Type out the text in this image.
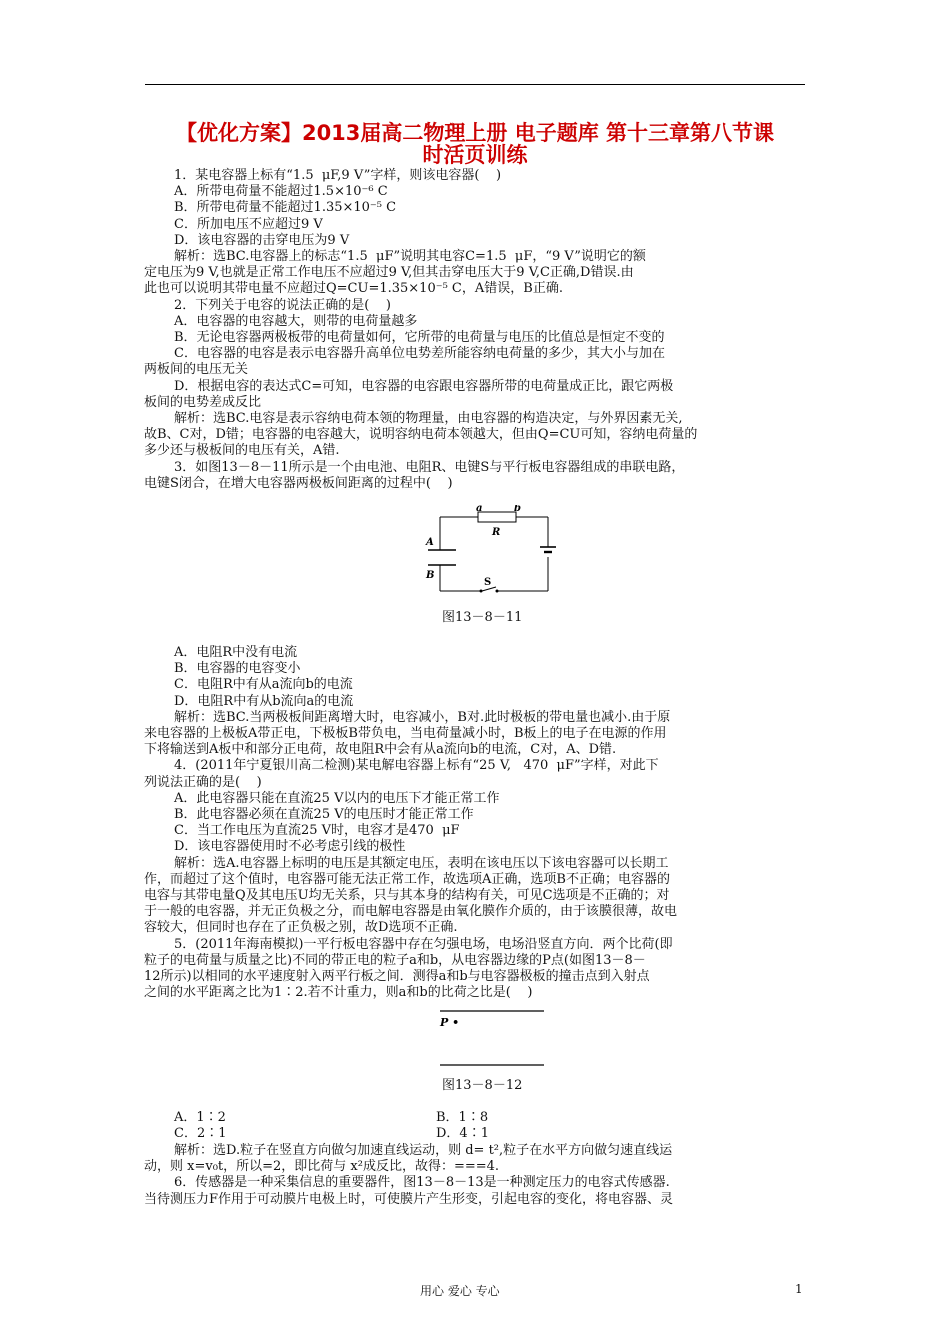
【优化方案】2013届高二物理上册 电子题库 第十三章第八节课
时活页训练

1．某电容器上标有“1.5  μF,9 V”字样，则该电容器(    )

A．所带电荷量不能超过1.5×10⁻⁶ C

B．所带电荷量不能超过1.35×10⁻⁵ C

C．所加电压不应超过9 V

D．该电容器的击穿电压为9 V

解析：选BC.电容器上的标志“1.5  μF”说明其电容C=1.5  μF，“9 V”说明它的额

定电压为9 V,也就是正常工作电压不应超过9 V,但其击穿电压大于9 V,C正确,D错误.由

此也可以说明其带电量不应超过Q=CU=1.35×10⁻⁵ C，A错误，B正确.

2．下列关于电容的说法正确的是(    )

A．电容器的电容越大，则带的电荷量越多

B．无论电容器两极板带的电荷量如何，它所带的电荷量与电压的比值总是恒定不变的

C．电容器的电容是表示电容器升高单位电势差所能容纳电荷量的多少，其大小与加在

两板间的电压无关

D．根据电容的表达式C=可知，电容器的电容跟电容器所带的电荷量成正比，跟它两极

板间的电势差成反比

解析：选BC.电容是表示容纳电荷本领的物理量，由电容器的构造决定，与外界因素无关,

故B、C对，D错；电容器的电容越大，说明容纳电荷本领越大，但由Q=CU可知，容纳电荷量的

多少还与极板间的电压有关，A错.

3．如图13－8－11所示是一个由电池、电阻R、电键S与平行板电容器组成的串联电路，

电键S闭合，在增大电容器两极板间距离的过程中(    )

a	b
R
A
B
S
图13－8－11

A．电阻R中没有电流

B．电容器的电容变小

C．电阻R中有从a流向b的电流

D．电阻R中有从b流向a的电流

解析：选BC.当两极板间距离增大时，电容减小，B对.此时极板的带电量也减小.由于原

来电容器的上极板A带正电，下极板B带负电，当电荷量减小时，B板上的电子在电源的作用

下将输送到A板中和部分正电荷，故电阻R中会有从a流向b的电流，C对，A、D错.

4．(2011年宁夏银川高二检测)某电解电容器上标有“25 V,   470  μF”字样，对此下

列说法正确的是(    )

A．此电容器只能在直流25 V以内的电压下才能正常工作

B．此电容器必须在直流25 V的电压时才能正常工作

C．当工作电压为直流25 V时，电容才是470  μF

D．该电容器使用时不必考虑引线的极性

解析：选A.电容器上标明的电压是其额定电压，表明在该电压以下该电容器可以长期工

作，而超过了这个值时，电容器可能无法正常工作，故选项A正确，选项B不正确；电容器的

电容与其带电量Q及其电压U均无关系，只与其本身的结构有关，可见C选项是不正确的；对

于一般的电容器，并无正负极之分，而电解电容器是由氧化膜作介质的，由于该膜很薄，故电

容较大，但同时也存在了正负极之别，故D选项不正确.

5．(2011年海南模拟)一平行板电容器中存在匀强电场，电场沿竖直方向．两个比荷(即

粒子的电荷量与质量之比)不同的带正电的粒子a和b，从电容器边缘的P点(如图13－8－

12所示)以相同的水平速度射入两平行板之间．测得a和b与电容器极板的撞击点到入射点

之间的水平距离之比为1∶2.若不计重力，则a和b的比荷之比是(    )

P •
图13－8－12
A．1∶2	B．1∶8
C．2∶1	D．4∶1

解析：选D.粒子在竖直方向做匀加速直线运动，则 d= t²,粒子在水平方向做匀速直线运

动，则 x=v₀t，所以=2，即比荷与 x²成反比，故得：===4.

6．传感器是一种采集信息的重要器件，图13－8－13是一种测定压力的电容式传感器.

当待测压力F作用于可动膜片电极上时，可使膜片产生形变，引起电容的变化，将电容器、灵

用心 爱心 专心	1
